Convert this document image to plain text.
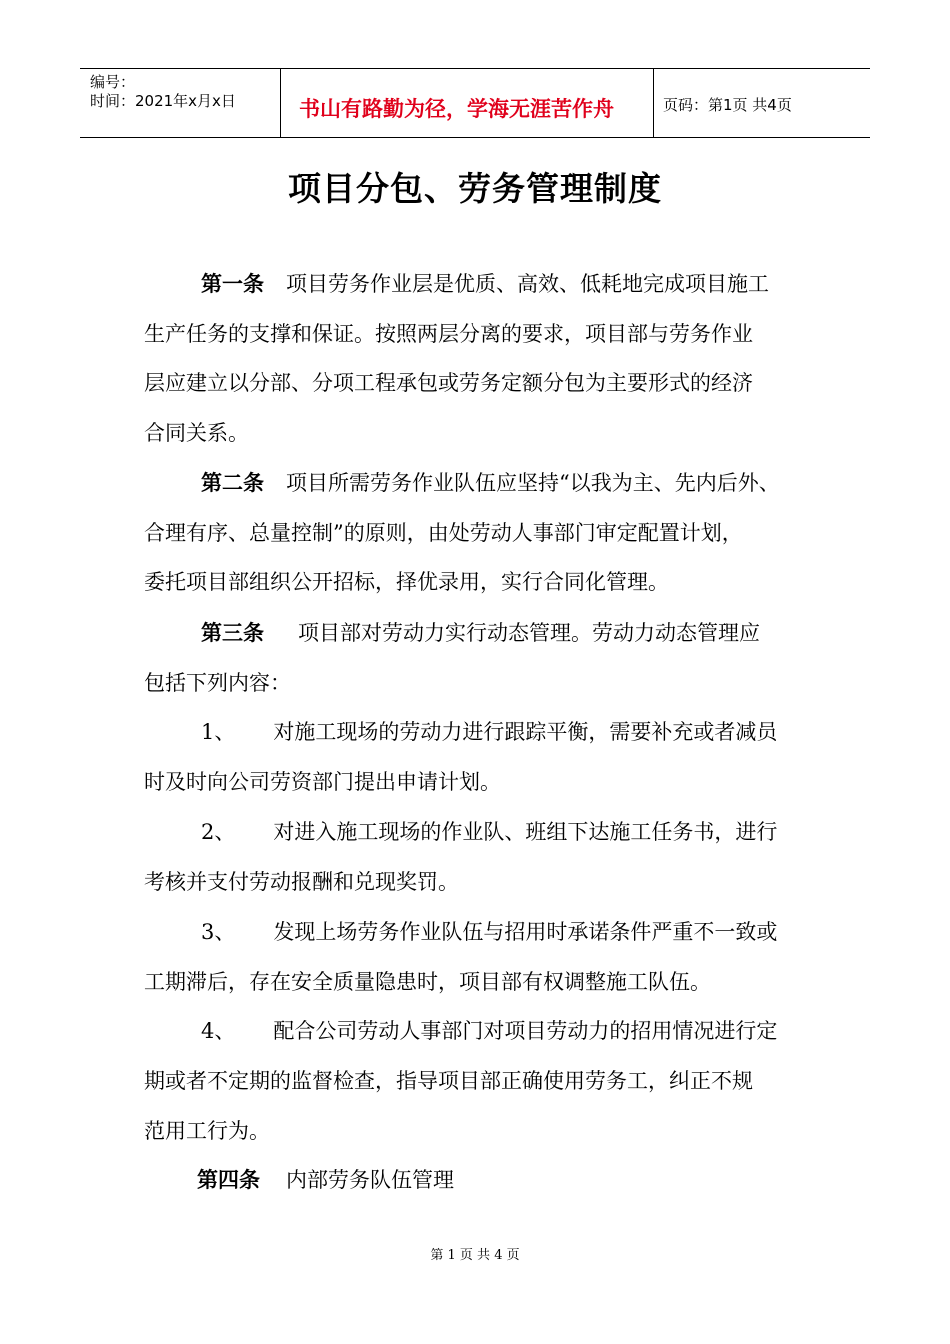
编号：
时间：2021年x月x日	书山有路勤为径，学海无涯苦作舟	页码：第1页 共4页
项目分包、劳务管理制度
第一条 项目劳务作业层是优质、高效、低耗地完成项目施工
生产任务的支撑和保证。按照两层分离的要求，项目部与劳务作业
层应建立以分部、分项工程承包或劳务定额分包为主要形式的经济
合同关系。
第二条 项目所需劳务作业队伍应坚持“以我为主、先内后外、
合理有序、总量控制”的原则，由处劳动人事部门审定配置计划，
委托项目部组织公开招标，择优录用，实行合同化管理。
第三条 项目部对劳动力实行动态管理。劳动力动态管理应
包括下列内容：
1、 对施工现场的劳动力进行跟踪平衡，需要补充或者减员
时及时向公司劳资部门提出申请计划。
2、 对进入施工现场的作业队、班组下达施工任务书，进行
考核并支付劳动报酬和兑现奖罚。
3、 发现上场劳务作业队伍与招用时承诺条件严重不一致或
工期滞后，存在安全质量隐患时，项目部有权调整施工队伍。
4、 配合公司劳动人事部门对项目劳动力的招用情况进行定
期或者不定期的监督检查，指导项目部正确使用劳务工，纠正不规
范用工行为。
第四条 内部劳务队伍管理
第 1 页 共 4 页
